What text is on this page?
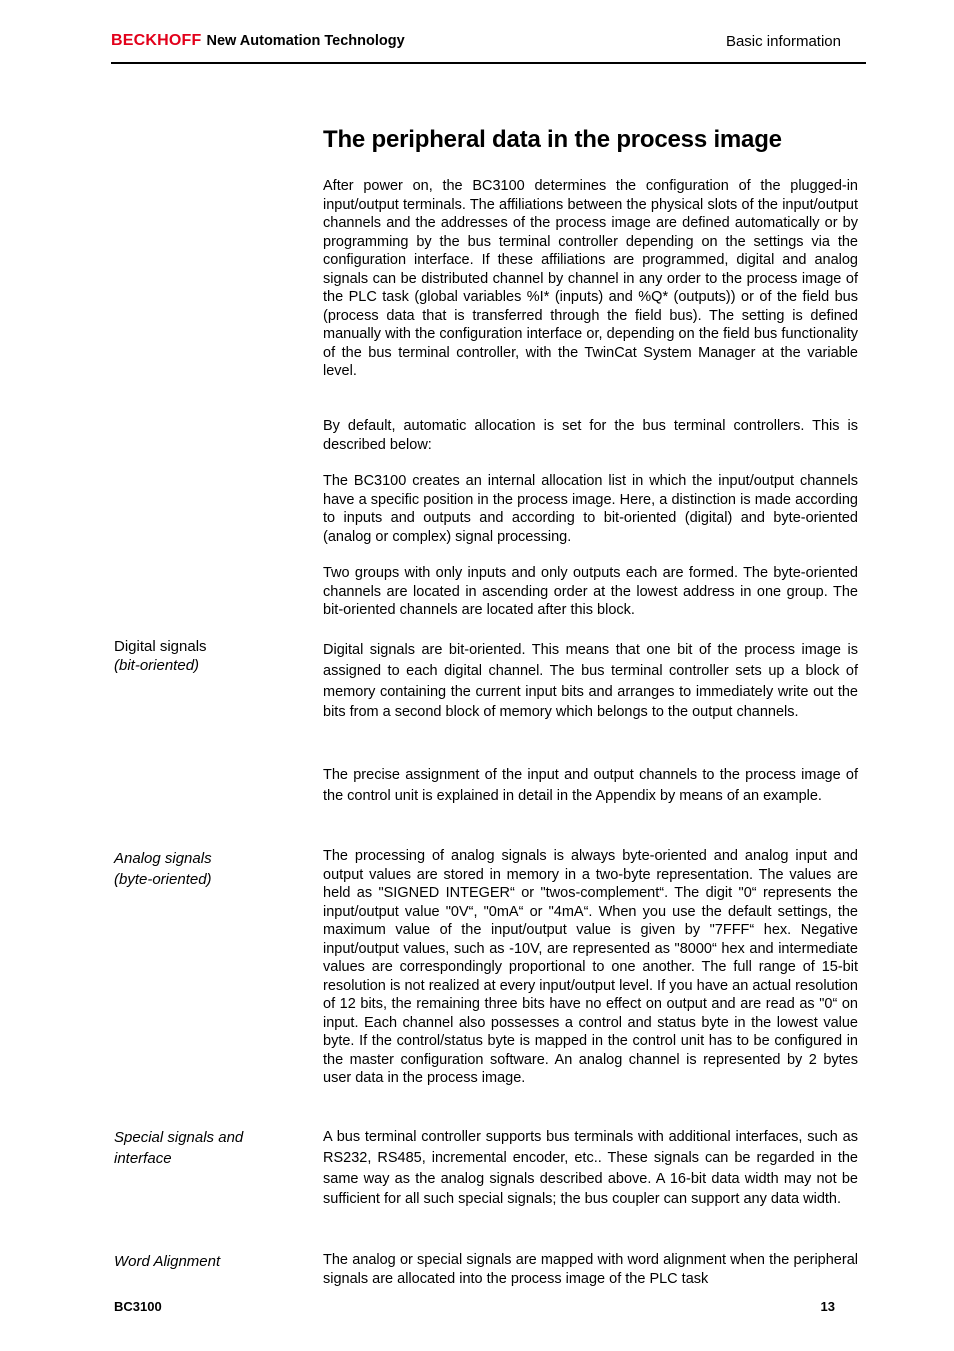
BECKHOFF New Automation Technology	Basic information
The peripheral data in the process image

After power on, the BC3100 determines the configuration of the plugged-in input/output terminals. The affiliations between the physical slots of the input/output channels and the addresses of the process image are defined automatically or by programming by the bus terminal controller depending on the settings via the configuration interface. If these affiliations are programmed, digital and analog signals can be distributed channel by channel in any order to the process image of the PLC task (global variables %I* (inputs) and %Q* (outputs)) or of the field bus (process data that is transferred through the field bus). The setting is defined manually with the configuration interface or, depending on the field bus functionality of the bus terminal controller, with the TwinCat System Manager at the variable level.

By default, automatic allocation is set for the bus terminal controllers. This is described below:

The BC3100 creates an internal allocation list in which the input/output channels have a specific position in the process image. Here, a distinction is made according to inputs and outputs and according to bit-oriented (digital) and byte-oriented (analog or complex) signal processing.

Two groups with only inputs and only outputs each are formed. The byte-oriented channels are located in ascending order at the lowest address in one group. The bit-oriented channels are located after this block.

Digital signals
(bit-oriented)

Digital signals are bit-oriented. This means that one bit of the process image is assigned to each digital channel. The bus terminal controller sets up a block of memory containing the current input bits and arranges to immediately write out the bits from a second block of memory which belongs to the output channels.

The precise assignment of the input and output channels to the process image of the control unit is explained in detail in the Appendix by means of an example.

Analog signals
(byte-oriented)

The processing of analog signals is always byte-oriented and analog input and output values are stored in memory in a two-byte representation. The values are held as "SIGNED INTEGER“ or "twos-complement“. The digit "0“ represents the input/output value "0V“, "0mA“ or "4mA“. When you use the default settings, the maximum value of the input/output value is given by "7FFF“ hex. Negative input/output values, such as -10V, are represented as "8000“ hex and intermediate values are correspondingly proportional to one another. The full range of 15-bit resolution is not realized at every input/output level. If you have an actual resolution of 12 bits, the remaining three bits have no effect on output and are read as "0“ on input. Each channel also possesses a control and status byte in the lowest value byte. If the control/status byte is mapped in the control unit has to be configured in the master configuration software. An analog channel is represented by 2 bytes user data in the process image.

Special signals and interface

A bus terminal controller supports bus terminals with additional interfaces, such as RS232, RS485, incremental encoder, etc.. These signals can be regarded in the same way as the analog signals described above. A 16-bit data width may not be sufficient for all such special signals; the bus coupler can support any data width.

Word Alignment	The analog or special signals are mapped with word alignment when the peripheral signals are allocated into the process image of the PLC task

BC3100	13
